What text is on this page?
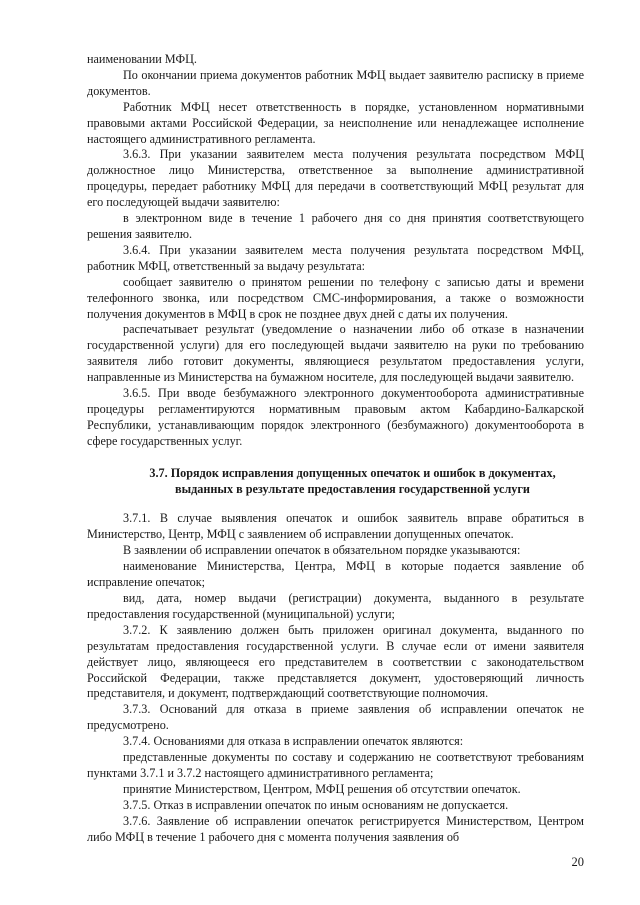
наименовании МФЦ.

По окончании приема документов работник МФЦ выдает заявителю расписку в приеме документов.

Работник МФЦ несет ответственность в порядке, установленном нормативными правовыми актами Российской Федерации, за неисполнение или ненадлежащее исполнение настоящего административного регламента.

3.6.3. При указании заявителем места получения результата посредством МФЦ должностное лицо Министерства, ответственное за выполнение административной процедуры, передает работнику МФЦ для передачи в соответствующий МФЦ результат для его последующей выдачи заявителю:

в электронном виде в течение 1 рабочего дня со дня принятия соответствующего решения заявителю.

3.6.4. При указании заявителем места получения результата посредством МФЦ, работник МФЦ, ответственный за выдачу результата:

сообщает заявителю о принятом решении по телефону с записью даты и времени телефонного звонка, или посредством СМС-информирования, а также о возможности получения документов в МФЦ в срок не позднее двух дней с даты их получения.

распечатывает результат (уведомление о назначении либо об отказе в назначении государственной услуги) для его последующей выдачи заявителю на руки по требованию заявителя либо готовит документы, являющиеся результатом предоставления услуги, направленные из Министерства на бумажном носителе, для последующей выдачи заявителю.

3.6.5. При вводе безбумажного электронного документооборота административные процедуры регламентируются нормативным правовым актом Кабардино-Балкарской Республики, устанавливающим порядок электронного (безбумажного) документооборота в сфере государственных услуг.

3.7. Порядок исправления допущенных опечаток и ошибок в документах, выданных в результате предоставления государственной услуги

3.7.1. В случае выявления опечаток и ошибок заявитель вправе обратиться в Министерство, Центр, МФЦ с заявлением об исправлении допущенных опечаток.

В заявлении об исправлении опечаток в обязательном порядке указываются:

наименование Министерства, Центра, МФЦ в которые подается заявление об исправление опечаток;

вид, дата, номер выдачи (регистрации) документа, выданного в результате предоставления государственной (муниципальной) услуги;

3.7.2. К заявлению должен быть приложен оригинал документа, выданного по результатам предоставления государственной услуги. В случае если от имени заявителя действует лицо, являющееся его представителем в соответствии с законодательством Российской Федерации, также представляется документ, удостоверяющий личность представителя, и документ, подтверждающий соответствующие полномочия.

3.7.3. Оснований для отказа в приеме заявления об исправлении опечаток не предусмотрено.

3.7.4. Основаниями для отказа в исправлении опечаток являются:

представленные документы по составу и содержанию не соответствуют требованиям пунктами 3.7.1 и 3.7.2 настоящего административного регламента;

принятие Министерством, Центром, МФЦ решения об отсутствии опечаток.

3.7.5. Отказ в исправлении опечаток по иным основаниям не допускается.

3.7.6. Заявление об исправлении опечаток регистрируется Министерством, Центром либо МФЦ в течение 1 рабочего дня с момента получения заявления об

20
